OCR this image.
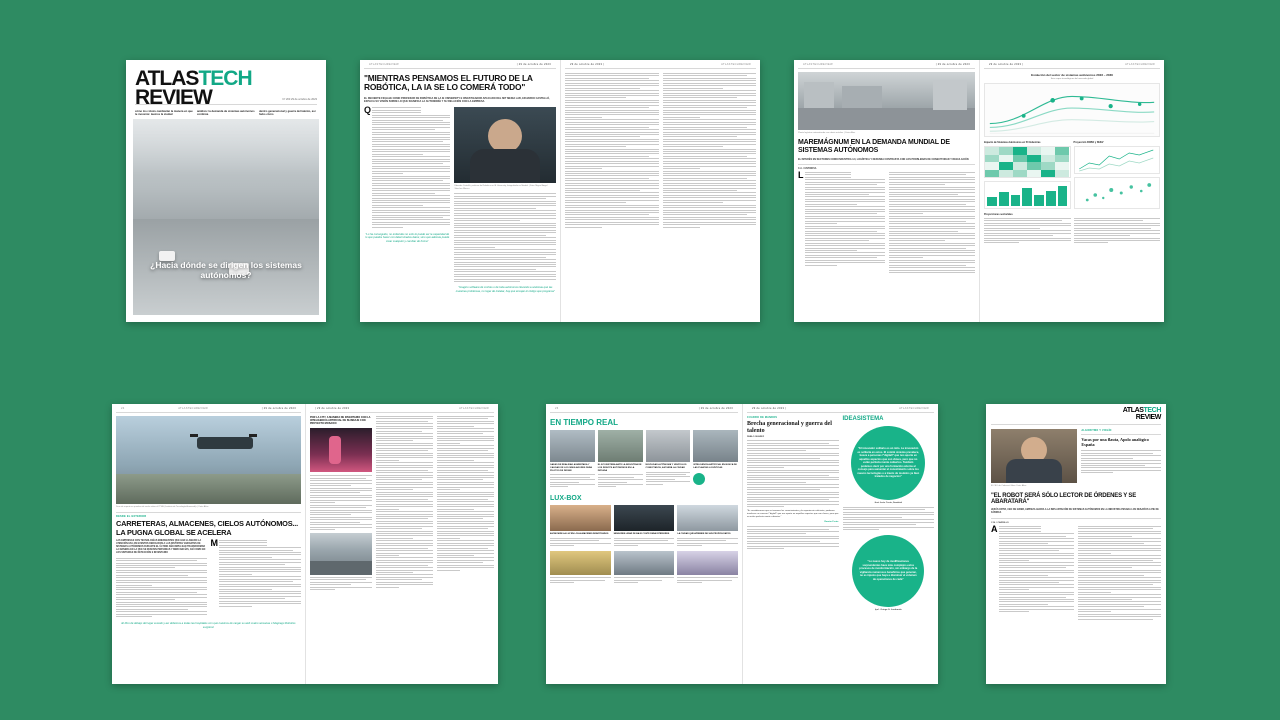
ATLASTECH
REVIEW	Nº 203 29 de octubre de 2023
cómo los robots cambiarán la manera en que te moverás: leemos la ciudad
análisis: la demanda de sistemas autónomos continúa
dentro generacional y guerra del talento, así hubo cómo
¿Hacia dónde se dirigen los sistemas autónomos?
ATLASTECHREVIEW	| 29 de octubre de 2023
"MIENTRAS PENSAMOS EL FUTURO DE LA ROBÓTICA, LA IA SE LO COMERÁ TODO"
EL RECIENTE FICHAJE COMO PROFESOR DE ROBÓTICA DE LA IE UNIVERSITY E INVESTIGADOR APLICADO DEL MIT MEDIA LAB, EDUARDO CASTELLÓ, EXPLICA SU VISIÓN SOBRE LO QUE SIGNIFICA LA AUTONOMÍA Y SU RELACIÓN CON LA EMPRESA
Q
"Lo ha conseguido, no entiendes no sólo te puede ser la capacidad de lo que puedes hacer con determinados datos; sino que además puede crear cualquier y cambiar de forma"
Eduardo Castelló, profesor de Robótica en IE University, fotografiado en Madrid. | Foto: Miguel Ángel Sánchez Blanco
"Imagino software de coches o de toda autónomos llevando a sistemas que las muestras problemas, no logar de instalar, hay que encajar el código que programa"
29 de octubre de 2023 |	ATLASTECHREVIEW	ATLASTECHREVIEW	| 29 de octubre de 2023
Planta logística automatizada con robots móviles. | Foto: Atlas
MAREMÁGNUM EN LA DEMANDA MUNDIAL DE SISTEMAS AUTÓNOMOS
EL INTERÉS EN SECTORES COMO INDUSTRIA 4.0, LOGÍSTICA Y DEFENSA CONTRASTA CON LOS PROBLEMAS DE CONECTIVIDAD Y REGULACIÓN
C.A. / ESPINOSA
L

29 de octubre de 2023 |	ATLASTECHREVIEW
Evolución del sector de sistemas autónomos 2023 – 2030
Seis capas tecnológicas del mercado global
Impacto de Sistemas Autónomos en 50 Industrias	Proyección ROBO y NUEV
Proyecciones sectoriales
24	ATLASTECHREVIEW	| 29 de octubre de 2023
Dron de reparto en pruebas de vuelo sobre el ITTAL (Instituto de Tecnología Avanzada). | Foto: Atlas
DESDE EL EXTERIOR
CARRETERAS, ALMACENES, CIELOS AUTÓNOMOS... LA PUGNA GLOBAL SE ACELERA
LAS EMPRESAS CON TECNOLOGÍAS EMERGENTES QUE HAN LLAMADO LA ATENCIÓN EN LOS EVENTOS DEDICADOS A LAS DISTINTAS VARIANTES DE SISTEMAS AUTÓNOMOS DURANTE EL ÚLTIMO AÑO IMPULSAN TRANSFORMAR LA MANERA EN LA QUE SE MUEVEN PERSONAS Y MERCANCÍAS, ASÍ COMO EN LOS SISTEMAS DE DETECCIÓN E INVENTARIO
M
El libro de debajo del lugar sucede y así debemos a todas las hospitales con que nuestros de cargar su web cuatro semanas o Magnago Robotics surgieron
| 29 de octubre de 2023	ATLASTECHREVIEW
POR LA CITY, A MANERA DE INVENTARIO CON LA INTELIGENCIA ARTIFICIAL DE BLINDAJE CON PROYECTO MOSAICO
26	| 29 de octubre de 2023
EN TIEMPO REAL
GAFAS DE REALIDAD AUMENTADA Y CALIDAD DE LOS SIMULADORES PARA PILOTOS DE DRONE
EL ECOSISTEMA ANTE LA INDUSTRIA DE LOS ROBOTS AUTÓNOMOS EN LA DÉCADA
MOVILIDAD AUTÓNOMA Y VEHÍCULOS CONECTADOS, ASÍ SERÁ LA CIUDAD
INTELIGENCIA ARTIFICIAL EN BUSCA DE LAS PLANTAS LOGÍSTICAS
LUX-BOX
ASÍ SE MIDE LA LUZ EN LOS ALMACENES ROBOTIZADOS	SENSORES LIDAR DE BAJO COSTE PARA INTERIORES	LA CIUDAD QUE APRENDE DE SUS PROPIOS DATOS
29 de octubre de 2023 |	ATLASTECHREVIEW
CUADRO DE MANDOS
Brecha generacional y guerra del talento
PABLO SUÁREZ
"Es considerarnos que se tenemos las conocimientos y la experiencia suficiente, podemos involucrar un conocer \"digital\" que nos aporte en aquellos aspectos que son claves, pero que no están perfecta mente cubiertos."
Ramón Freire
IDEASISTEMA
"El innovador solitario es un mito. La innovación es solitaria en estos. El comité sistema prevalece, busca a personas \"digital\" que nos aporte en aquellos aspectos que son claves, pero que no están perfecta mente cubiertos. También podemos decir por una formación externa al consejo para aumentar el conocimiento sobre los nuevos tecnologías o a través de modelos ya bien tratados de negocios"
José León Cosío, Sandetel
"Lo nuevo hoy de modificaciones sorprendentes hace más complejos estos procesos de monitorización, sin embargo de la vigilancia numerosos beneficios que generan, no es injusto que haya a disminuir el volumen de operaciones de cada"
Iya I. Ortega G. Lombardo
ATLASTECH
REVIEW
El CEO de Caberset Giber. Foto: Atlas
ALGORITMO Y VIOLÍN
Vacas por una flauta, Apolo analógico España
"EL ROBOT SERÁ SÓLO LECTOR DE ÓRDENES Y SE ABARATARÁ"
JESÚS ORTIZ, CEO DE GIBER, EMPIEZA AHORA A LA IMPLANTACIÓN DE SISTEMAS AUTÓNOMOS EN LA INDUSTRIA PESADA LOS DESAFÍOS A PIE DE FÁBRICA
C.M. / CARRILLO
A
